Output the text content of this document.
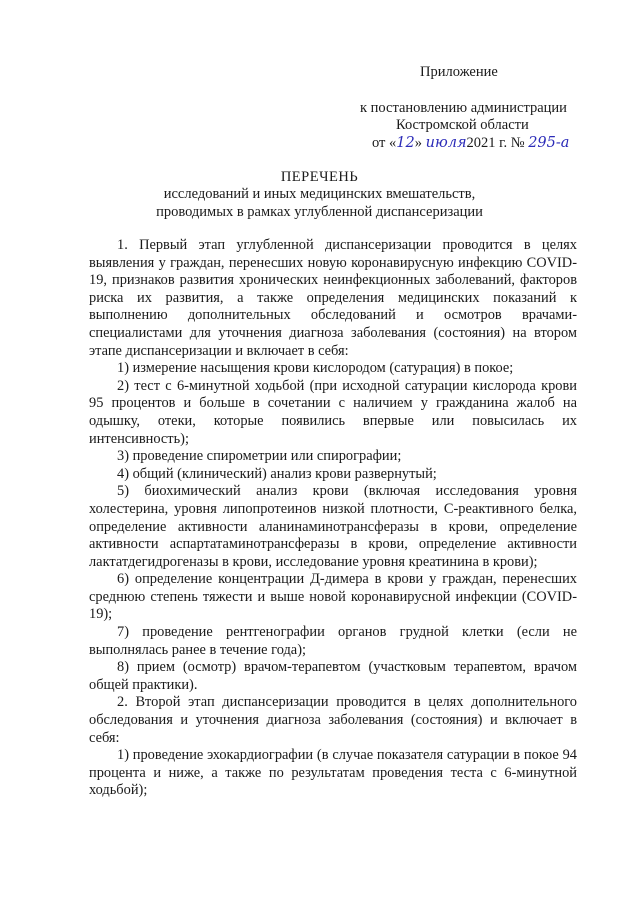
Приложение
к постановлению администрации
Костромской области
от «12» июля2021 г. № 295-а
ПЕРЕЧЕНЬ
исследований и иных медицинских вмешательств,
проводимых в рамках углубленной диспансеризации

1. Первый этап углубленной диспансеризации проводится в целях выявления у граждан, перенесших новую коронавирусную инфекцию COVID-19, признаков развития хронических неинфекционных заболеваний, факторов риска их развития, а также определения медицинских показаний к выполнению дополнительных обследований и осмотров врачами-специалистами для уточнения диагноза заболевания (состояния) на втором этапе диспансеризации и включает в себя:

1) измерение насыщения крови кислородом (сатурация) в покое;

2) тест с 6-минутной ходьбой (при исходной сатурации кислорода крови 95 процентов и больше в сочетании с наличием у гражданина жалоб на одышку, отеки, которые появились впервые или повысилась их интенсивность);

3) проведение спирометрии или спирографии;

4) общий (клинический) анализ крови развернутый;

5) биохимический анализ крови (включая исследования уровня холестерина, уровня липопротеинов низкой плотности, С-реактивного белка, определение активности аланинаминотрансферазы в крови, определение активности аспартатаминотрансферазы в крови, определение активности лактатдегидрогеназы в крови, исследование уровня креатинина в крови);

6) определение концентрации Д-димера в крови у граждан, перенесших среднюю степень тяжести и выше новой коронавирусной инфекции (COVID-19);

7) проведение рентгенографии органов грудной клетки (если не выполнялась ранее в течение года);

8) прием (осмотр) врачом-терапевтом (участковым терапевтом, врачом общей практики).

2. Второй этап диспансеризации проводится в целях дополнительного обследования и уточнения диагноза заболевания (состояния) и включает в себя:

1) проведение эхокардиографии (в случае показателя сатурации в покое 94 процента и ниже, а также по результатам проведения теста с 6-минутной ходьбой);
